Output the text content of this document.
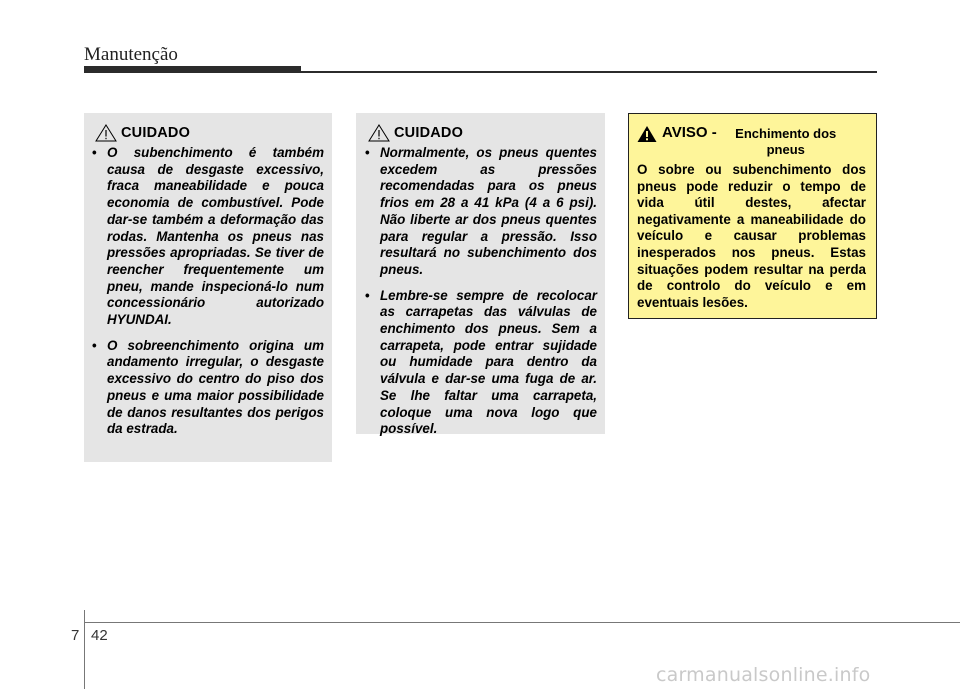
Manutenção
CUIDADO
• O subenchimento é também causa de desgaste excessivo, fraca maneabilidade e pouca economia de combustível. Pode dar-se também a deformação das rodas. Mantenha os pneus nas pressões apropriadas. Se tiver de reencher frequentemente um pneu, mande inspecioná-lo num concessionário autorizado HYUNDAI.
• O sobreenchimento origina um andamento irregular, o desgaste excessivo do centro do piso dos pneus e uma maior possibilidade de danos resultantes dos perigos da estrada.
CUIDADO
• Normalmente, os pneus quentes excedem as pressões recomendadas para os pneus frios em 28 a 41 kPa (4 a 6 psi). Não liberte ar dos pneus quentes para regular a pressão. Isso resultará no subenchimento dos pneus.
• Lembre-se sempre de recolocar as carrapetas das válvulas de enchimento dos pneus. Sem a carrapeta, pode entrar sujidade ou humidade para dentro da válvula e dar-se uma fuga de ar. Se lhe faltar uma carrapeta, coloque uma nova logo que possível.
AVISO -	Enchimento dos pneus
O sobre ou subenchimento dos pneus pode reduzir o tempo de vida útil destes, afectar negativamente a maneabilidade do veículo e causar problemas inesperados nos pneus. Estas situações podem resultar na perda de controlo do veículo e em eventuais lesões.
7 42
carmanualsonline.info
